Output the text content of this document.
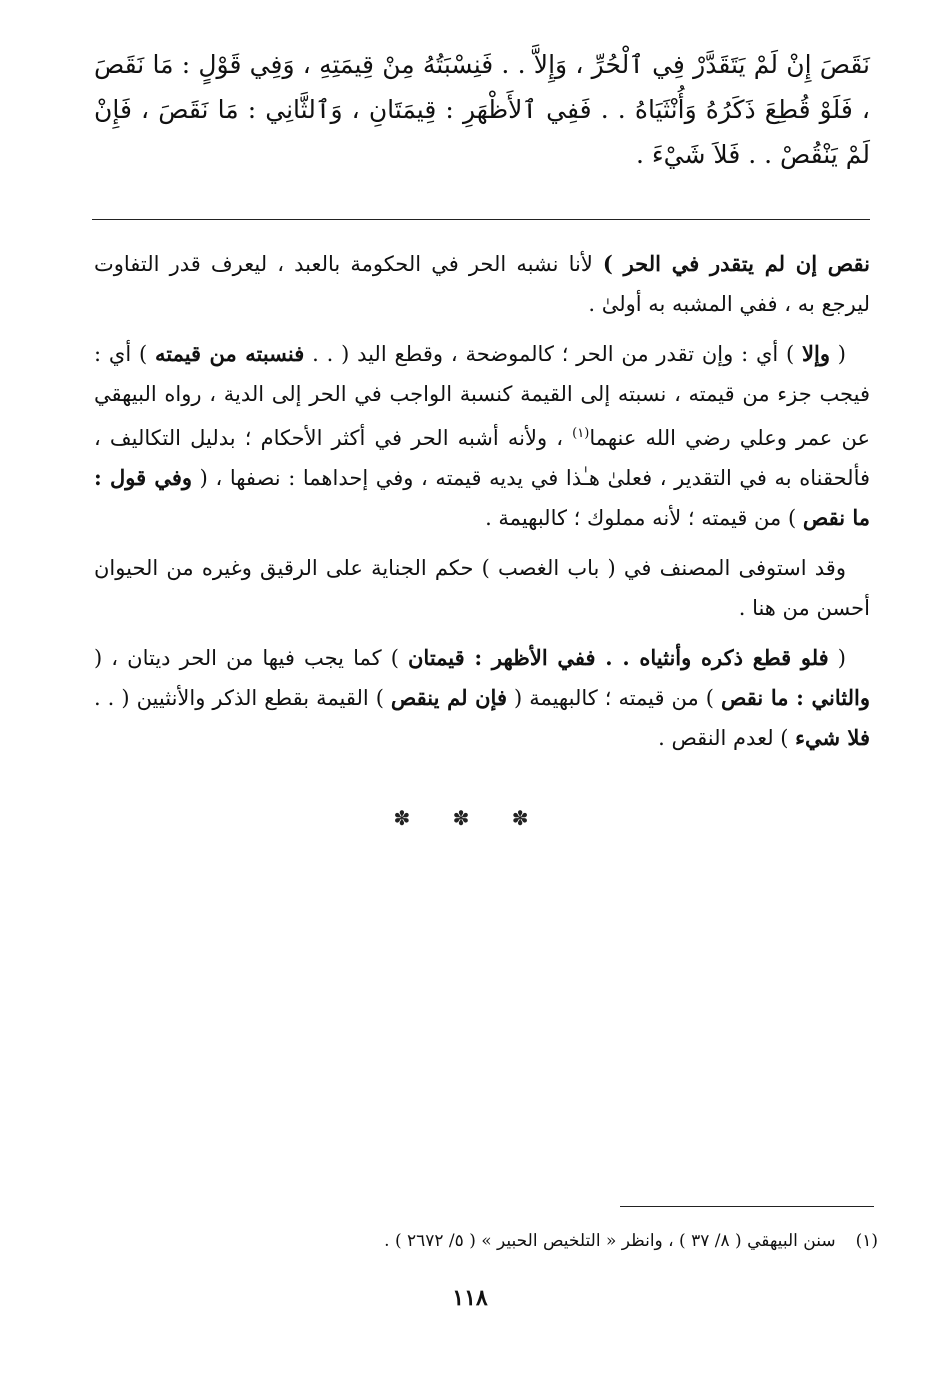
نَقَصَ إِنْ لَمْ يَتَقَدَّرْ فِي ٱلْحُرِّ ، وَإِلاَّ . . فَنِسْبَتُهُ مِنْ قِيمَتِهِ ، وَفِي قَوْلٍ : مَا نَقَصَ ، فَلَوْ قُطِعَ ذَكَرُهُ وَأُنْثَيَاهُ . . فَفِي ٱلأَظْهَرِ : قِيمَتَانِ ، وَٱلثَّانِي : مَا نَقَصَ ، فَإِنْ لَمْ يَنْقُصْ . . فَلاَ شَيْءَ .

نقص إن لم يتقدر في الحر ) لأنا نشبه الحر في الحكومة بالعبد ، ليعرف قدر التفاوت ليرجع به ، ففي المشبه به أولىٰ .

( وإلا ) أي : وإن تقدر من الحر ؛ كالموضحة ، وقطع اليد ( . . فنسبته من قيمته ) أي : فيجب جزء من قيمته ، نسبته إلى القيمة كنسبة الواجب في الحر إلى الدية ، رواه البيهقي عن عمر وعلي رضي الله عنهما$^{(١)}$ ، ولأنه أشبه الحر في أكثر الأحكام ؛ بدليل التكاليف ، فألحقناه به في التقدير ، فعلىٰ هـٰذا في يديه قيمته ، وفي إحداهما : نصفها ، ( وفي قول : ما نقص ) من قيمته ؛ لأنه مملوك ؛ كالبهيمة .

وقد استوفى المصنف في ( باب الغصب ) حكم الجناية على الرقيق وغيره من الحيوان أحسن من هنا .

( فلو قطع ذكره وأنثياه . . ففي الأظهر : قيمتان ) كما يجب فيها من الحر ديتان ، ( والثاني : ما نقص ) من قيمته ؛ كالبهيمة ( فإن لم ينقص ) القيمة بقطع الذكر والأنثيين ( . . فلا شيء ) لعدم النقص .

✽ ✽ ✽
(١)سنن البيهقي ( ٨/ ٣٧ ) ، وانظر « التلخيص الحبير » ( ٥/ ٢٦٧٢ ) .
١١٨
